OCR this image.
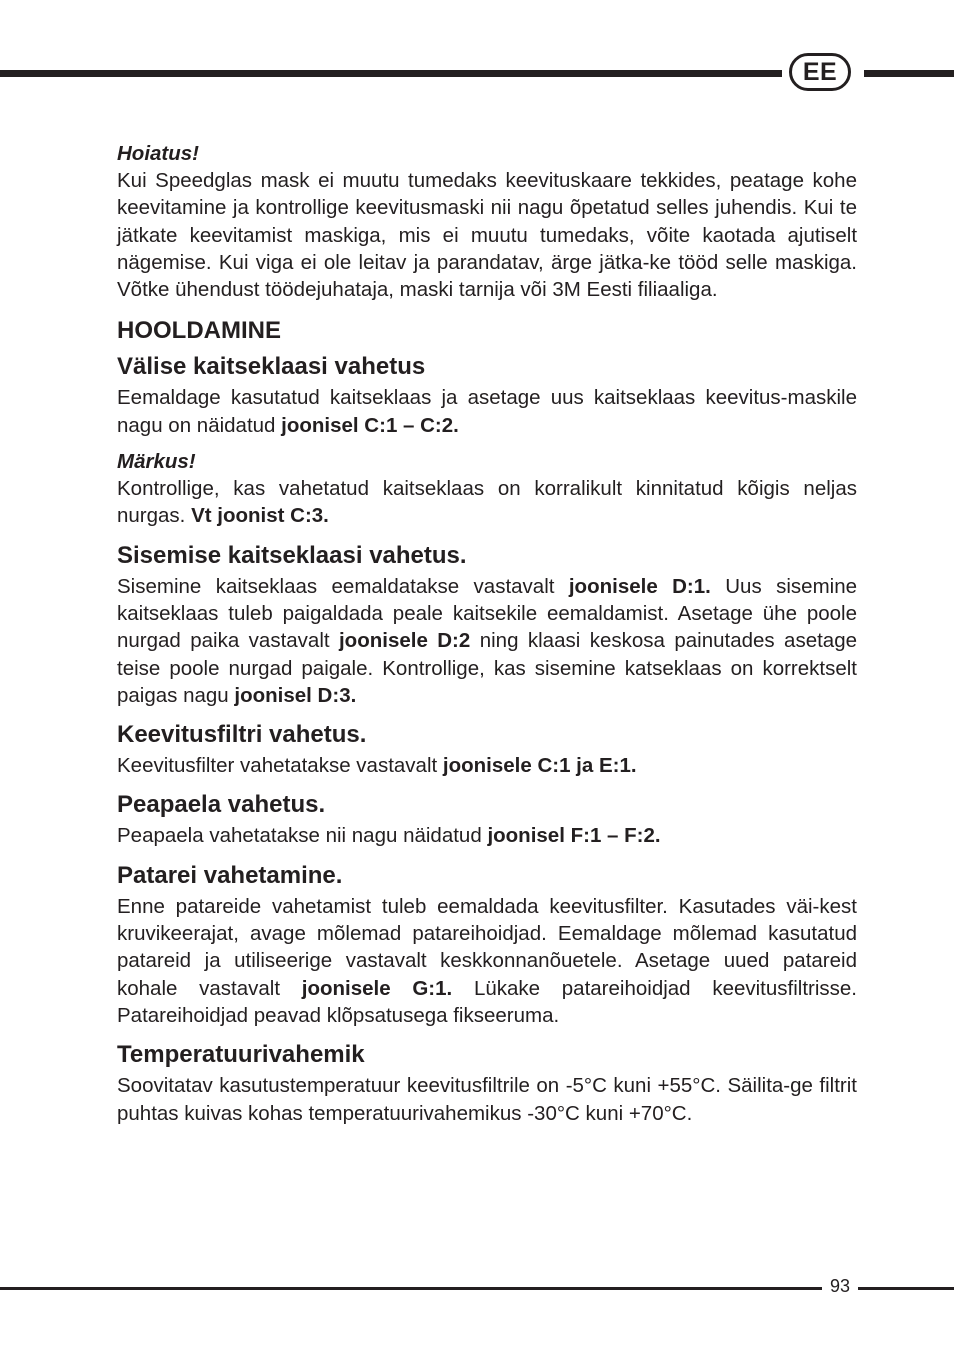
EE

Hoiatus!

Kui Speedglas mask ei muutu tumedaks keevituskaare tekkides, peatage kohe keevitamine ja kontrollige keevitusmaski nii nagu õpetatud selles juhendis. Kui te jätkate keevitamist maskiga, mis ei muutu tumedaks, võite kaotada ajutiselt nägemise. Kui viga ei ole leitav ja parandatav, ärge jätka-ke tööd selle maskiga. Võtke ühendust töödejuhataja, maski tarnija või 3M Eesti filiaaliga.

HOOLDAMINE
Välise kaitseklaasi vahetus

Eemaldage kasutatud kaitseklaas ja asetage uus kaitseklaas keevitus-maskile nagu on näidatud joonisel C:1 – C:2.

Märkus!

Kontrollige, kas vahetatud kaitseklaas on korralikult kinnitatud kõigis neljas nurgas. Vt joonist C:3.

Sisemise kaitseklaasi vahetus.

Sisemine kaitseklaas eemaldatakse vastavalt joonisele D:1. Uus sisemine kaitseklaas tuleb paigaldada peale kaitsekile eemaldamist. Asetage ühe poole nurgad paika vastavalt joonisele D:2 ning klaasi keskosa painutades asetage teise poole nurgad paigale. Kontrollige, kas sisemine katseklaas on korrektselt paigas nagu joonisel D:3.

Keevitusfiltri vahetus.

Keevitusfilter vahetatakse vastavalt joonisele C:1 ja E:1.

Peapaela vahetus.

Peapaela vahetatakse nii nagu näidatud joonisel F:1 – F:2.

Patarei vahetamine.

Enne patareide vahetamist tuleb eemaldada keevitusfilter. Kasutades väi-kest kruvikeerajat, avage mõlemad patareihoidjad. Eemaldage mõlemad kasutatud patareid ja utiliseerige vastavalt keskkonnanõuetele. Asetage uued patareid kohale vastavalt joonisele G:1. Lükake patareihoidjad keevitusfiltrisse. Patareihoidjad peavad klõpsatusega fikseeruma.

Temperatuurivahemik

Soovitatav kasutustemperatuur keevitusfiltrile on -5°C kuni +55°C. Säilita-ge filtrit puhtas kuivas kohas temperatuurivahemikus -30°C kuni +70°C.

93
